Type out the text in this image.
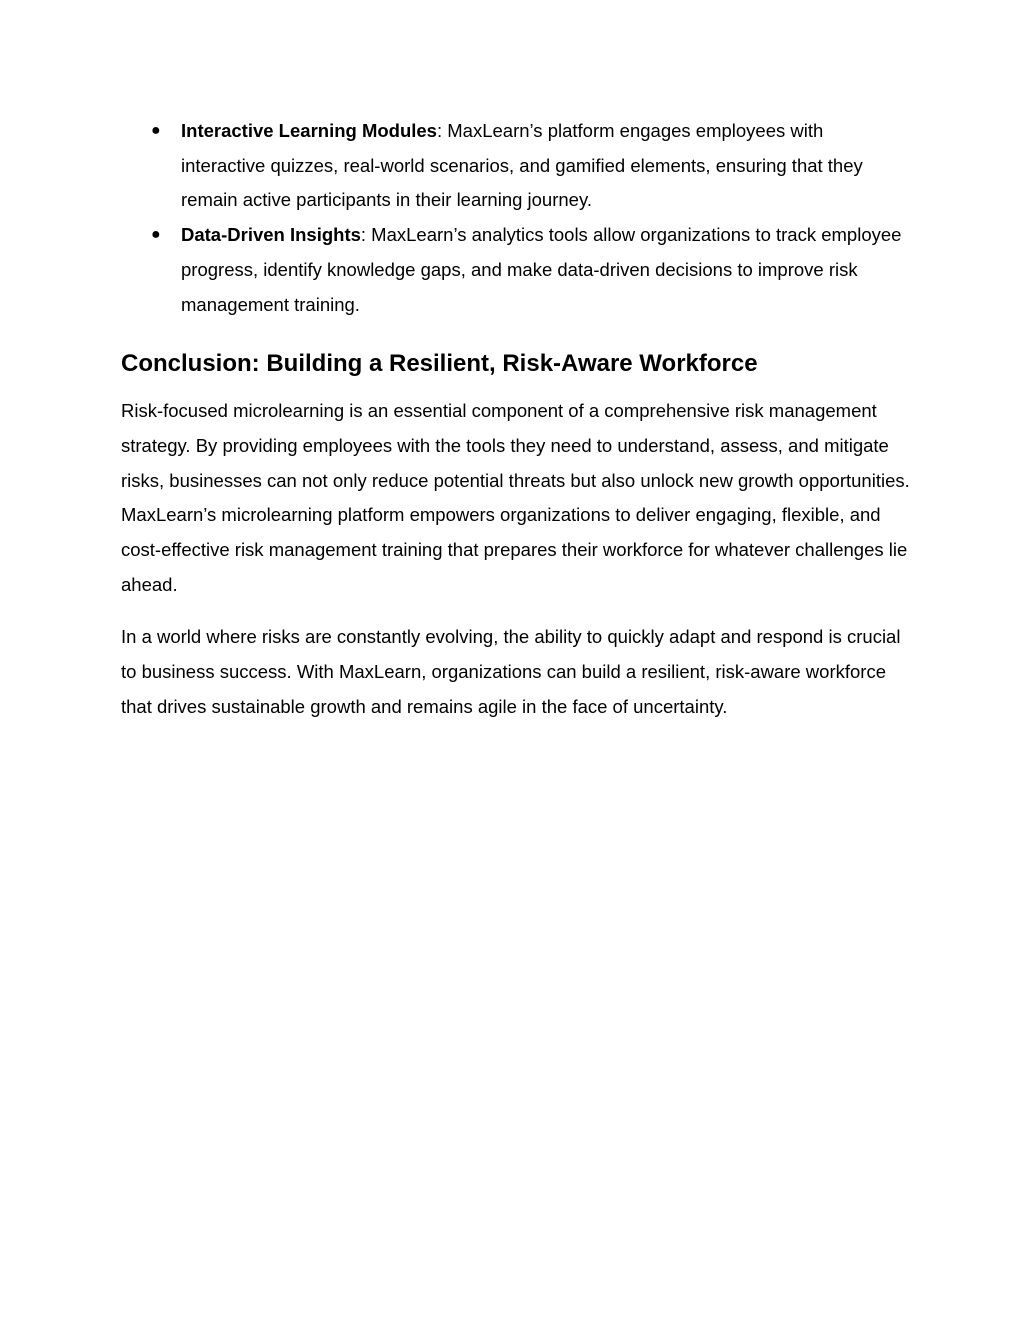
● Interactive Learning Modules: MaxLearn’s platform engages employees with interactive quizzes, real-world scenarios, and gamified elements, ensuring that they remain active participants in their learning journey.
● Data-Driven Insights: MaxLearn’s analytics tools allow organizations to track employee progress, identify knowledge gaps, and make data-driven decisions to improve risk management training.
Conclusion: Building a Resilient, Risk-Aware Workforce

Risk-focused microlearning is an essential component of a comprehensive risk management strategy. By providing employees with the tools they need to understand, assess, and mitigate risks, businesses can not only reduce potential threats but also unlock new growth opportunities. MaxLearn’s microlearning platform empowers organizations to deliver engaging, flexible, and cost-effective risk management training that prepares their workforce for whatever challenges lie ahead.

In a world where risks are constantly evolving, the ability to quickly adapt and respond is crucial to business success. With MaxLearn, organizations can build a resilient, risk-aware workforce that drives sustainable growth and remains agile in the face of uncertainty.
